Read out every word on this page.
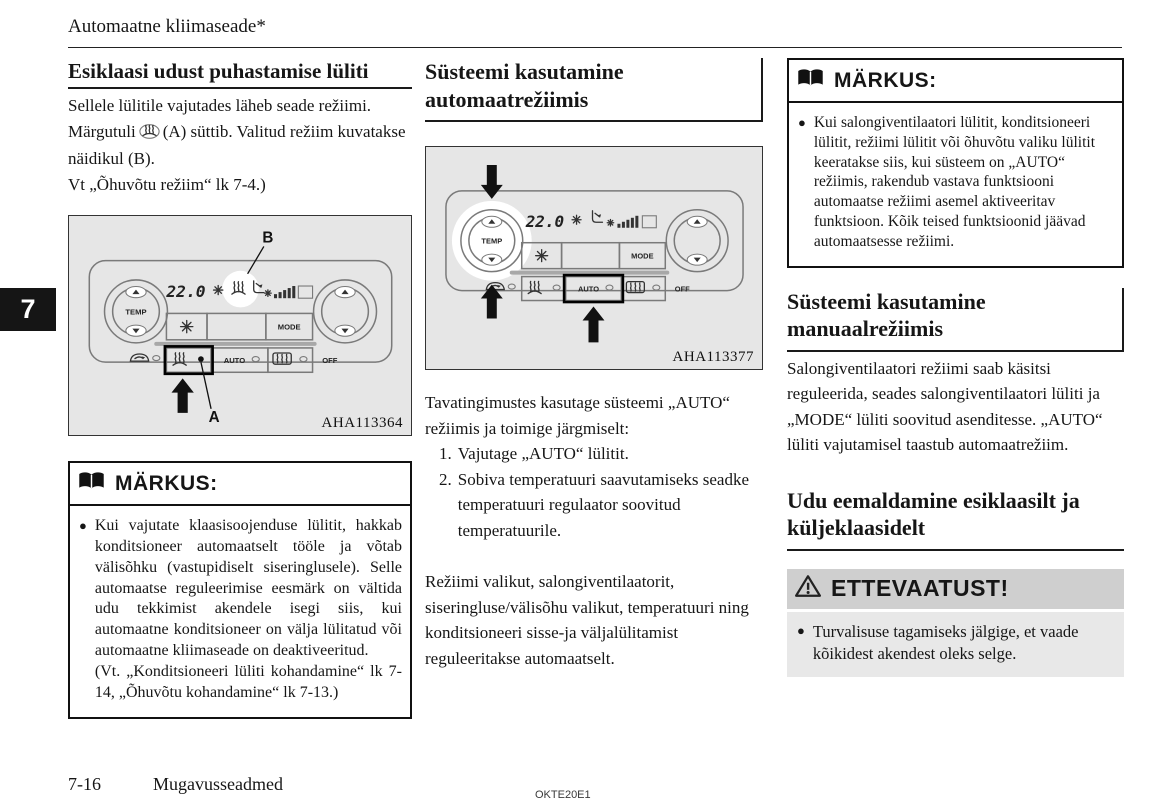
Automaatne kliimaseade*
7
Esiklaasi udust puhastamise lüliti
Sellele lülitile vajutades läheb seade režiimi. Märgutuli (A) süttib. Valitud režiim kuvatakse näidikul (B).
Vt „Õhuvõtu režiim“ lk 7-4.)
TEMP
22.0
MODE
AUTO	OFF
A
B
AHA113364
MÄRKUS:
● Kui vajutate klaasisoojenduse lülitit, hakkab konditsioneer automaatselt tööle ja võtab välisõhku (vastupidiselt siseringlusele). Selle automaatse reguleerimise eesmärk on vältida udu tekkimist akendele isegi siis, kui automaatne konditsioneer on välja lülitatud või automaatne kliimaseade on deaktiveeritud.
(Vt. „Konditsioneeri lüliti kohandamine“ lk 7-14, „Õhuvõtu kohandamine“ lk 7-13.)
Süsteemi kasutamine automaatrežiimis
TEMP
22.0
MODE
AUTO	OFF
AHA113377
Tavatingimustes kasutage süsteemi „AUTO“ režiimis ja toimige järgmiselt:
1. Vajutage „AUTO“ lülitit.
2. Sobiva temperatuuri saavutamiseks seadke temperatuuri regulaator soovitud temperatuurile.
Režiimi valikut, salongiventilaatorit, siseringluse/välisõhu valikut, temperatuuri ning konditsioneeri sisse-ja väljalülitamist reguleeritakse automaatselt.
MÄRKUS:
● Kui salongiventilaatori lülitit, konditsioneeri lülitit, režiimi lülitit või õhuvõtu valiku lülitit keeratakse siis, kui süsteem on „AUTO“ režiimis, rakendub vastava funktsiooni automaatse režiimi asemel aktiveeritav funktsioon. Kõik teised funktsioonid jäävad automaatsesse režiimi.
Süsteemi kasutamine manuaalrežiimis
Salongiventilaatori režiimi saab käsitsi reguleerida, seades salongiventilaatori lüliti ja „MODE“ lüliti soovitud asenditesse. „AUTO“ lüliti vajutamisel taastub automaatrežiim.
Udu eemaldamine esiklaasilt ja küljeklaasidelt
ETTEVAATUST!
● Turvalisuse tagamiseks jälgige, et vaade kõikidest akendest oleks selge.
7-16	Mugavusseadmed
OKTE20E1
